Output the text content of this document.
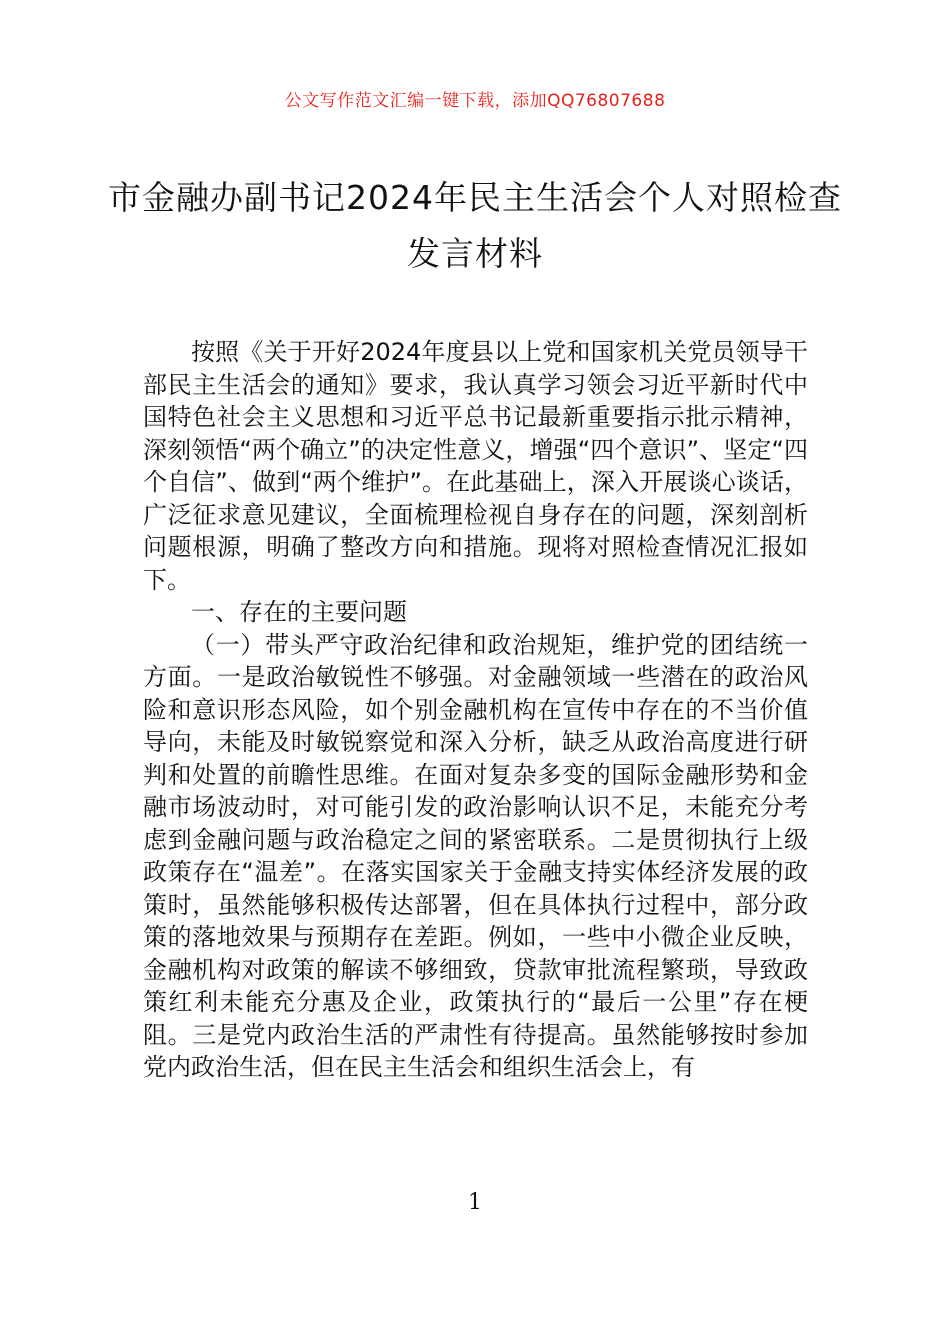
公文写作范文汇编一键下载，添加QQ76807688
市金融办副书记2024年民主生活会个人对照检查发言材料

按照《关于开好2024年度县以上党和国家机关党员领导干部民主生活会的通知》要求，我认真学习领会习近平新时代中国特色社会主义思想和习近平总书记最新重要指示批示精神，深刻领悟“两个确立”的决定性意义，增强“四个意识”、坚定“四个自信”、做到“两个维护”。在此基础上，深入开展谈心谈话，广泛征求意见建议，全面梳理检视自身存在的问题，深刻剖析问题根源，明确了整改方向和措施。现将对照检查情况汇报如下。

一、存在的主要问题

（一）带头严守政治纪律和政治规矩，维护党的团结统一方面。一是政治敏锐性不够强。对金融领域一些潜在的政治风险和意识形态风险，如个别金融机构在宣传中存在的不当价值导向，未能及时敏锐察觉和深入分析，缺乏从政治高度进行研判和处置的前瞻性思维。在面对复杂多变的国际金融形势和金融市场波动时，对可能引发的政治影响认识不足，未能充分考虑到金融问题与政治稳定之间的紧密联系。二是贯彻执行上级政策存在“温差”。在落实国家关于金融支持实体经济发展的政策时，虽然能够积极传达部署，但在具体执行过程中，部分政策的落地效果与预期存在差距。例如，一些中小微企业反映，金融机构对政策的解读不够细致，贷款审批流程繁琐，导致政策红利未能充分惠及企业，政策执行的“最后一公里”存在梗阻。三是党内政治生活的严肃性有待提高。虽然能够按时参加党内政治生活，但在民主生活会和组织生活会上，有

1
